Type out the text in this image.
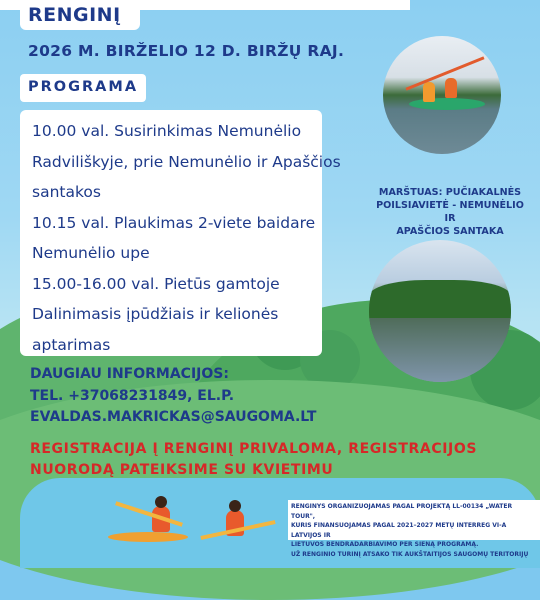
RENGINĮ
2026 M. BIRŽELIO 12 D. BIRŽŲ RAJ.
PROGRAMA
10.00 val. Susirinkimas Nemunėlio
Radviliškyje, prie Nemunėlio ir Apaščios
santakos
10.15 val. Plaukimas 2-viete baidare
Nemunėlio upe
15.00-16.00 val. Pietūs gamtoje
Dalinimasis įpūdžiais ir kelionės
aptarimas
DAUGIAU INFORMACIJOS:
TEL. +37068231849, EL.P.
EVALDAS.MAKRICKAS@SAUGOMA.LT
REGISTRACIJA Į RENGINĮ PRIVALOMA, REGISTRACIJOS
NUORODĄ PATEIKSIME SU KVIETIMU
MARŠTUAS: PUČIAKALNĖS
POILSIAVIETĖ - NEMUNĖLIO IR
APAŠČIOS SANTAKA
RENGINYS ORGANIZUOJAMAS PAGAL PROJEKTĄ LL-00134 „WATER TOUR",
KURIS FINANSUOJAMAS PAGAL 2021–2027 METŲ INTERREG VI-A LATVIJOS IR
LIETUVOS BENDRADARBIAVIMO PER SIENĄ PROGRAMĄ.
UŽ RENGINIO TURINĮ ATSAKO TIK AUKŠTAITIJOS SAUGOMŲ TERITORIJŲ
